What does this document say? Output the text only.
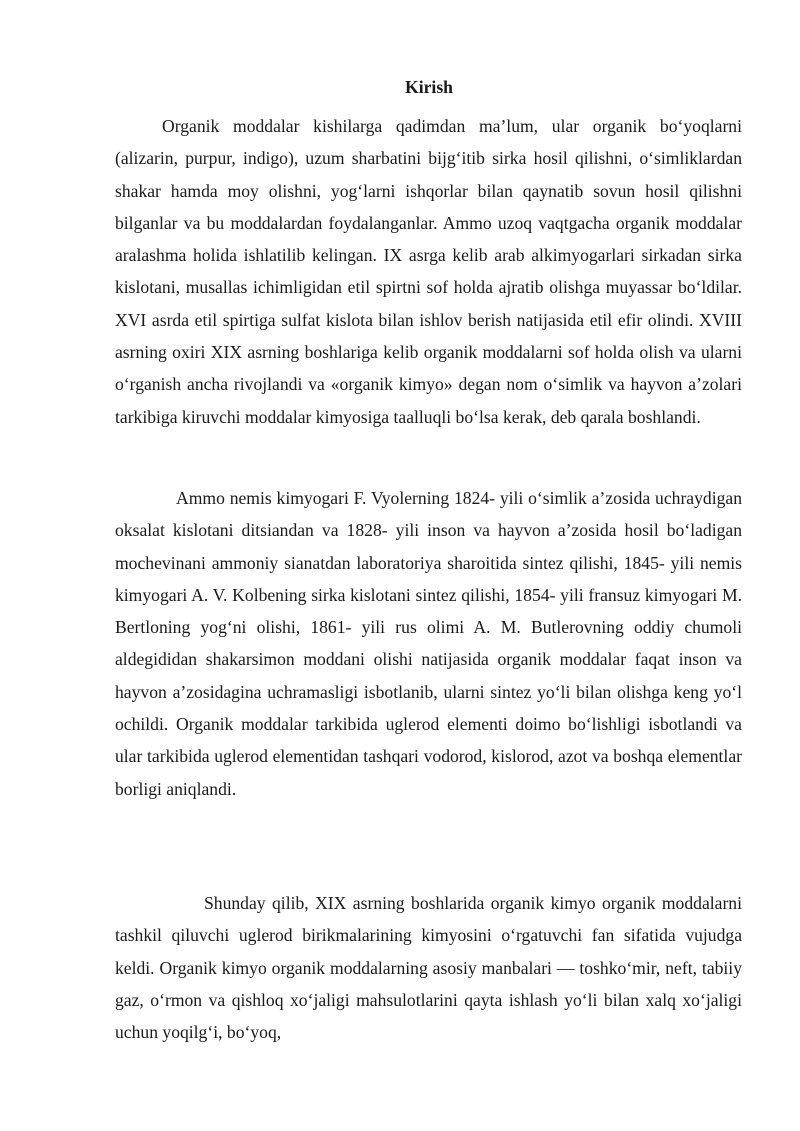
Kirish

Organik moddalar kishilarga qadimdan ma’lum, ular organik bo‘yoqlarni (alizarin, purpur, indigo), uzum sharbatini bijg‘itib sirka hosil qilishni, o‘simliklardan shakar hamda moy olishni, yog‘larni ishqorlar bilan qaynatib sovun hosil qilishni bilganlar va bu moddalardan foydalanganlar. Ammo uzoq vaqtgacha organik moddalar aralashma holida ishlatilib kelingan. IX asrga kelib arab alkimyogarlari sirkadan sirka kislotani, musallas ichimligidan etil spirtni sof holda ajratib olishga muyassar bo‘ldilar. XVI asrda etil spirtiga sulfat kislota bilan ishlov berish natijasida etil efir olindi. XVIII asrning oxiri XIX asrning boshlariga kelib organik moddalarni sof holda olish va ularni o‘rganish ancha rivojlandi va «organik kimyo» degan nom o‘simlik va hayvon a’zolari tarkibiga kiruvchi moddalar kimyosiga taalluqli bo‘lsa kerak, deb qarala boshlandi.

Ammo nemis kimyogari F. Vyolerning 1824- yili o‘simlik a’zosida uchraydigan oksalat kislotani ditsiandan va 1828- yili inson va hayvon a’zosida hosil bo‘ladigan mochevinani ammoniy sianatdan laboratoriya sharoitida sintez qilishi, 1845- yili nemis kimyogari A. V. Kolbening sirka kislotani sintez qilishi, 1854- yili fransuz kimyogari M. Bertloning yog‘ni olishi, 1861- yili rus olimi A. M. Butlerovning oddiy chumoli aldegididan shakarsimon moddani olishi natijasida organik moddalar faqat inson va hayvon a’zosidagina uchramasligi isbotlanib, ularni sintez yo‘li bilan olishga keng yo‘l ochildi. Organik moddalar tarkibida uglerod elementi doimo bo‘lishligi isbotlandi va ular tarkibida uglerod elementidan tashqari vodorod, kislorod, azot va boshqa elementlar borligi aniqlandi.

Shunday qilib, XIX asrning boshlarida organik kimyo organik moddalarni tashkil qiluvchi uglerod birikmalarining kimyosini o‘rgatuvchi fan sifatida vujudga keldi. Organik kimyo organik moddalarning asosiy manbalari — toshko‘mir, neft, tabiiy gaz, o‘rmon va qishloq xo‘jaligi mahsulotlarini qayta ishlash yo‘li bilan xalq xo‘jaligi uchun yoqilg‘i, bo‘yoq,
